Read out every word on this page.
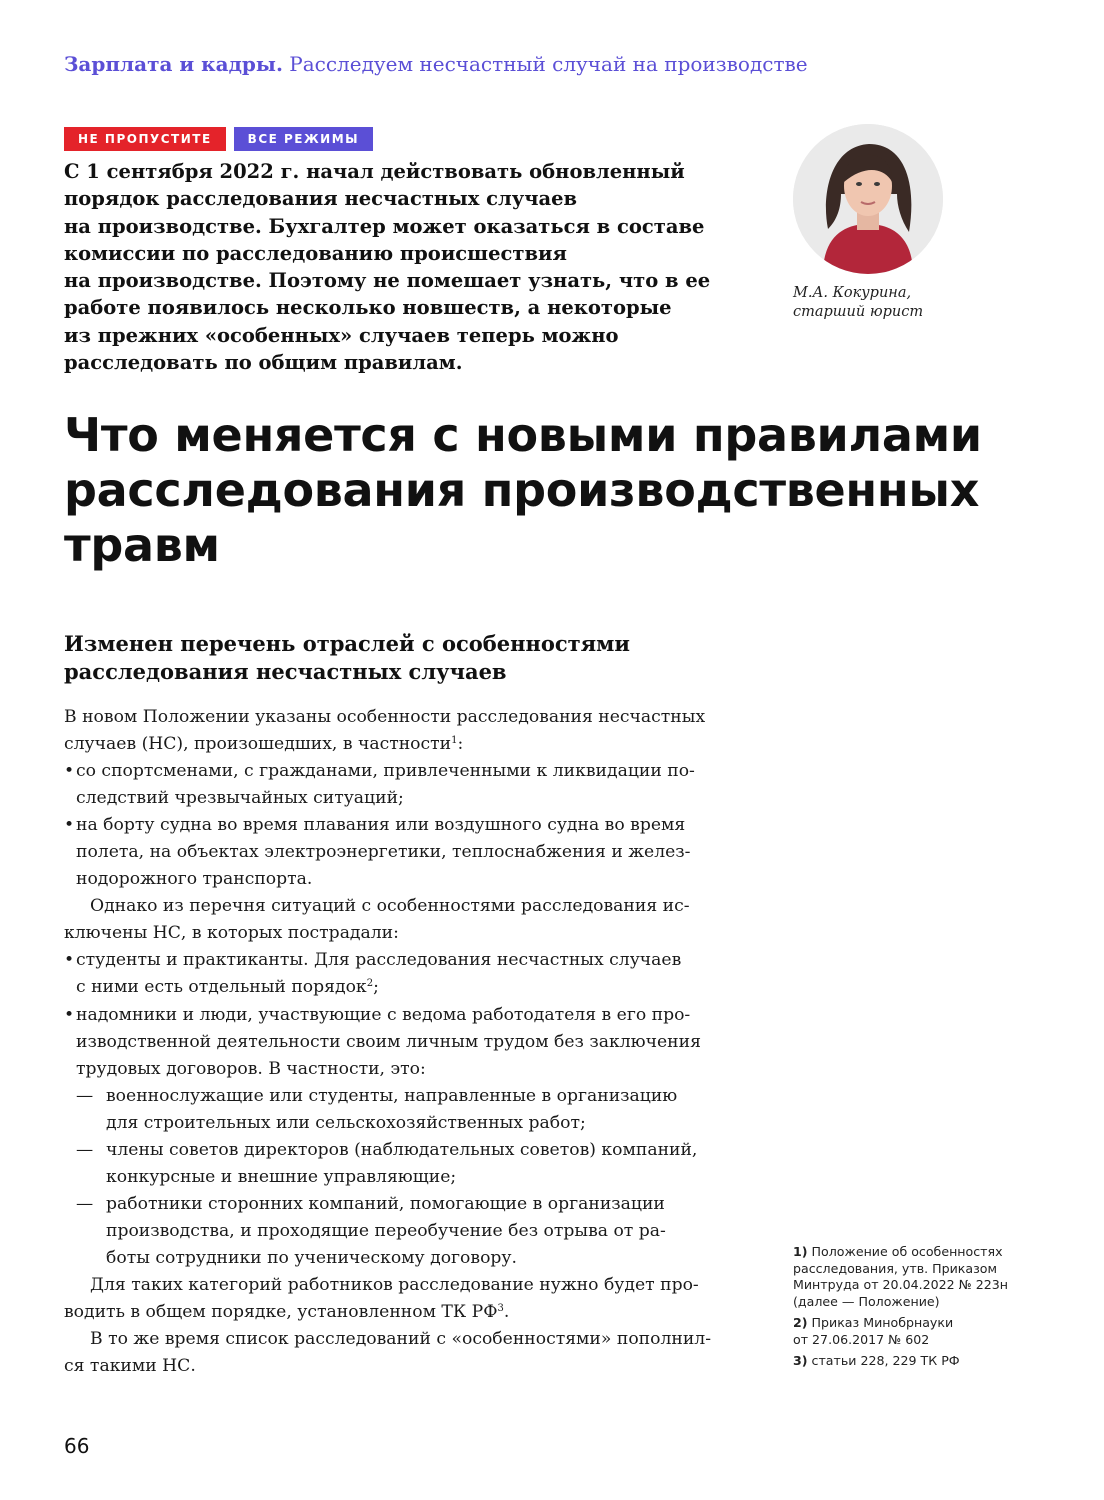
Зарплата и кадры. Расследуем несчастный случай на производстве
НЕ ПРОПУСТИТЕ	ВСЕ РЕЖИМЫ
С 1 сентября 2022 г. начал действовать обновленный
порядок расследования несчастных случаев
на производстве. Бухгалтер может оказаться в составе
комиссии по расследованию происшествия
на производстве. Поэтому не помешает узнать, что в ее
работе появилось несколько новшеств, а некоторые
из прежних «особенных» случаев теперь можно
расследовать по общим правилам.
М.А. Кокурина,
старший юрист
Что меняется с новыми правилами
расследования производственных
травм
Изменен перечень отраслей с особенностями
расследования несчастных случаев
В новом Положении указаны особенности расследования несчастных
случаев (НС), произошедших, в частности$^1$:
• со спортсменами, с гражданами, привлеченными к ликвидации по-
следствий чрезвычайных ситуаций;
• на борту судна во время плавания или воздушного судна во время
полета, на объектах электроэнергетики, теплоснабжения и желез-
нодорожного транспорта.
Однако из перечня ситуаций с особенностями расследования ис-
ключены НС, в которых пострадали:
• студенты и практиканты. Для расследования несчастных случаев
с ними есть отдельный порядок$^2$;
• надомники и люди, участвующие с ведома работодателя в его про-
изводственной деятельности своим личным трудом без заключения
трудовых договоров. В частности, это:
— военнослужащие или студенты, направленные в организацию
для строительных или сельскохозяйственных работ;
— члены советов директоров (наблюдательных советов) компаний,
конкурсные и внешние управляющие;
— работники сторонних компаний, помогающие в организации
производства, и проходящие переобучение без отрыва от ра-
боты сотрудники по ученическому договору.
Для таких категорий работников расследование нужно будет про-
водить в общем порядке, установленном ТК $РФ^3$.
В то же время список расследований с «особенностями» пополнил-
ся такими НС.
1) Положение об особенностях
расследования, утв. Приказом
Минтруда от 20.04.2022 № 223н
(далее — Положение)
2) Приказ Минобрнауки
от 27.06.2017 № 602
3) статьи 228, 229 ТК РФ
66
